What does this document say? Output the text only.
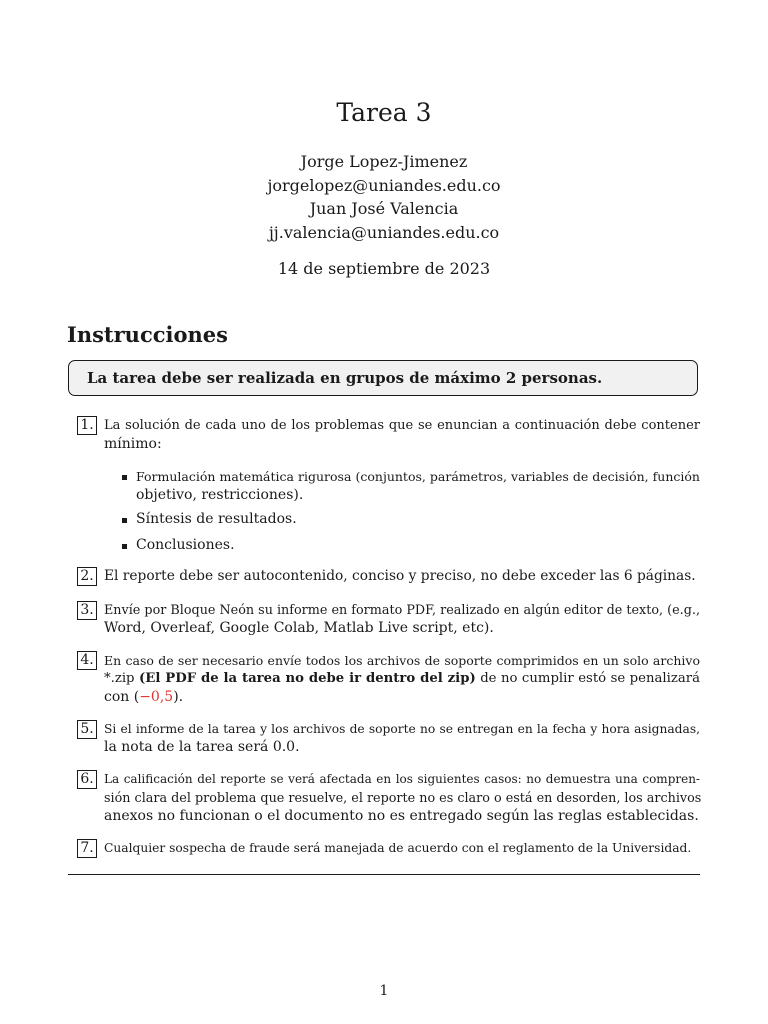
Tarea 3
Jorge Lopez-Jimenez
jorgelopez@uniandes.edu.co
Juan José Valencia
jj.valencia@uniandes.edu.co
14 de septiembre de 2023
Instrucciones
La tarea debe ser realizada en grupos de máximo 2 personas.
1. La solución de cada uno de los problemas que se enuncian a continuación debe contener
mínimo:
Formulación matemática rigurosa (conjuntos, parámetros, variables de decisión, función
objetivo, restricciones).
Síntesis de resultados.
Conclusiones.
2. El reporte debe ser autocontenido, conciso y preciso, no debe exceder las 6 páginas.
3. Envíe por Bloque Neón su informe en formato PDF, realizado en algún editor de texto, (e.g.,
Word, Overleaf, Google Colab, Matlab Live script, etc).
4. En caso de ser necesario envíe todos los archivos de soporte comprimidos en un solo archivo
*.zip (El PDF de la tarea no debe ir dentro del zip) de no cumplir estó se penalizará
con (−0,5).
5. Si el informe de la tarea y los archivos de soporte no se entregan en la fecha y hora asignadas,
la nota de la tarea será 0.0.
6. La calificación del reporte se verá afectada en los siguientes casos: no demuestra una compren-
sión clara del problema que resuelve, el reporte no es claro o está en desorden, los archivos
anexos no funcionan o el documento no es entregado según las reglas establecidas.
7. Cualquier sospecha de fraude será manejada de acuerdo con el reglamento de la Universidad.
1
